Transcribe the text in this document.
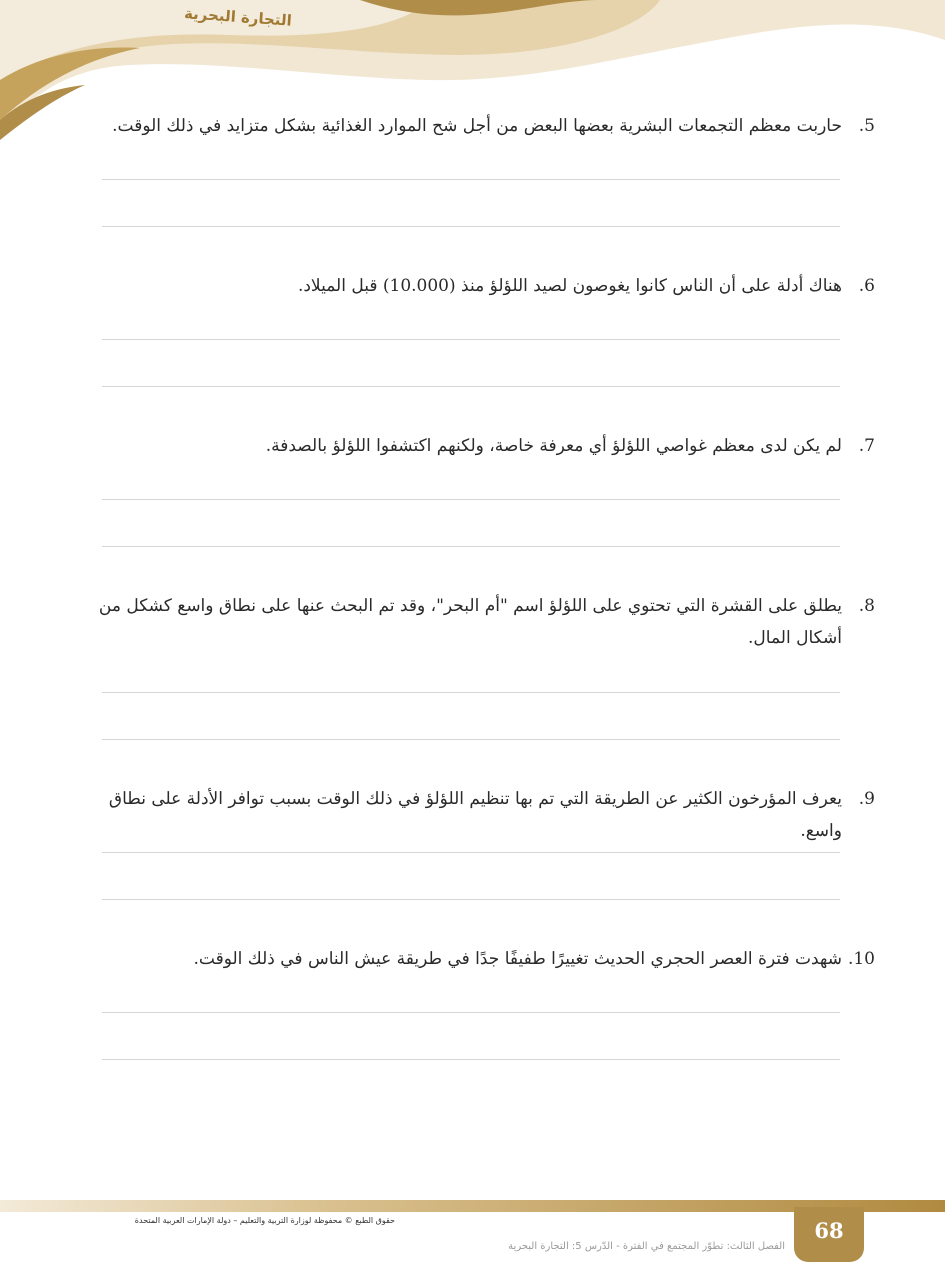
التجارة البحرية
5.
حاربت معظم التجمعات البشرية بعضها البعض من أجل شح الموارد الغذائية بشكل متزايد في ذلك الوقت.
6.
هناك أدلة على أن الناس كانوا يغوصون لصيد اللؤلؤ منذ (10.000) قبل الميلاد.
7.
لم يكن لدى معظم غواصي اللؤلؤ أي معرفة خاصة، ولكنهم اكتشفوا اللؤلؤ بالصدفة.
8.
يطلق على القشرة التي تحتوي على اللؤلؤ اسم "أم البحر"، وقد تم البحث عنها على نطاق واسع كشكل من أشكال المال.
9.
يعرف المؤرخون الكثير عن الطريقة التي تم بها تنظيم اللؤلؤ في ذلك الوقت بسبب توافر الأدلة على نطاق واسع.
10.
شهدت فترة العصر الحجري الحديث تغييرًا طفيفًا جدًا في طريقة عيش الناس في ذلك الوقت.
68
حقوق الطبع © محفوظة لوزارة التربية والتعليم – دولة الإمارات العربية المتحدة
الفصل الثالث: تطوّر المجتمع في الفترة - الدّرس 5: التجارة البحرية
